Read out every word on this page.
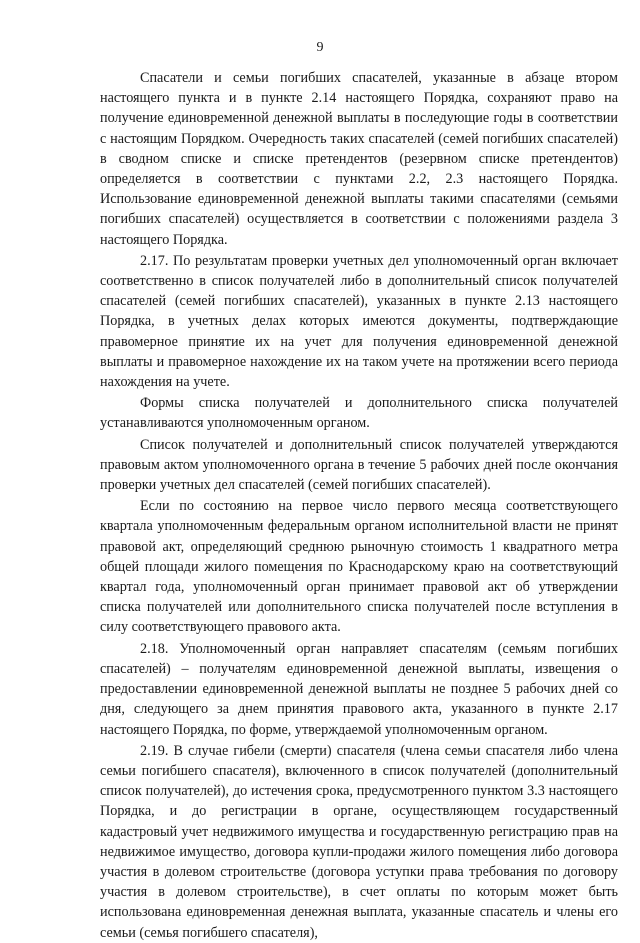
9

Спасатели и семьи погибших спасателей, указанные в абзаце втором настоящего пункта и в пункте 2.14 настоящего Порядка, сохраняют право на получение единовременной денежной выплаты в последующие годы в соответствии с настоящим Порядком. Очередность таких спасателей (семей погибших спасателей) в сводном списке и списке претендентов (резервном списке претендентов) определяется в соответствии с пунктами 2.2, 2.3 настоящего Порядка. Использование единовременной денежной выплаты такими спасателями (семьями погибших спасателей) осуществляется в соответствии с положениями раздела 3 настоящего Порядка.

2.17. По результатам проверки учетных дел уполномоченный орган включает соответственно в список получателей либо в дополнительный список получателей спасателей (семей погибших спасателей), указанных в пункте 2.13 настоящего Порядка, в учетных делах которых имеются документы, подтверждающие правомерное принятие их на учет для получения единовременной денежной выплаты и правомерное нахождение их на таком учете на протяжении всего периода нахождения на учете.

Формы списка получателей и дополнительного списка получателей устанавливаются уполномоченным органом.

Список получателей и дополнительный список получателей утверждаются правовым актом уполномоченного органа в течение 5 рабочих дней после окончания проверки учетных дел спасателей (семей погибших спасателей).

Если по состоянию на первое число первого месяца соответствующего квартала уполномоченным федеральным органом исполнительной власти не принят правовой акт, определяющий среднюю рыночную стоимость 1 квадратного метра общей площади жилого помещения по Краснодарскому краю на соответствующий квартал года, уполномоченный орган принимает правовой акт об утверждении списка получателей или дополнительного списка получателей после вступления в силу соответствующего правового акта.

2.18. Уполномоченный орган направляет спасателям (семьям погибших спасателей) – получателям единовременной денежной выплаты, извещения о предоставлении единовременной денежной выплаты не позднее 5 рабочих дней со дня, следующего за днем принятия правового акта, указанного в пункте 2.17 настоящего Порядка, по форме, утверждаемой уполномоченным органом.

2.19. В случае гибели (смерти) спасателя (члена семьи спасателя либо члена семьи погибшего спасателя), включенного в список получателей (дополнительный список получателей), до истечения срока, предусмотренного пунктом 3.3 настоящего Порядка, и до регистрации в органе, осуществляющем государственный кадастровый учет недвижимого имущества и государственную регистрацию прав на недвижимое имущество, договора купли-продажи жилого помещения либо договора участия в долевом строительстве (договора уступки права требования по договору участия в долевом строительстве), в счет оплаты по которым может быть использована единовременная денежная выплата, указанные спасатель и члены его семьи (семья погибшего спасателя),
